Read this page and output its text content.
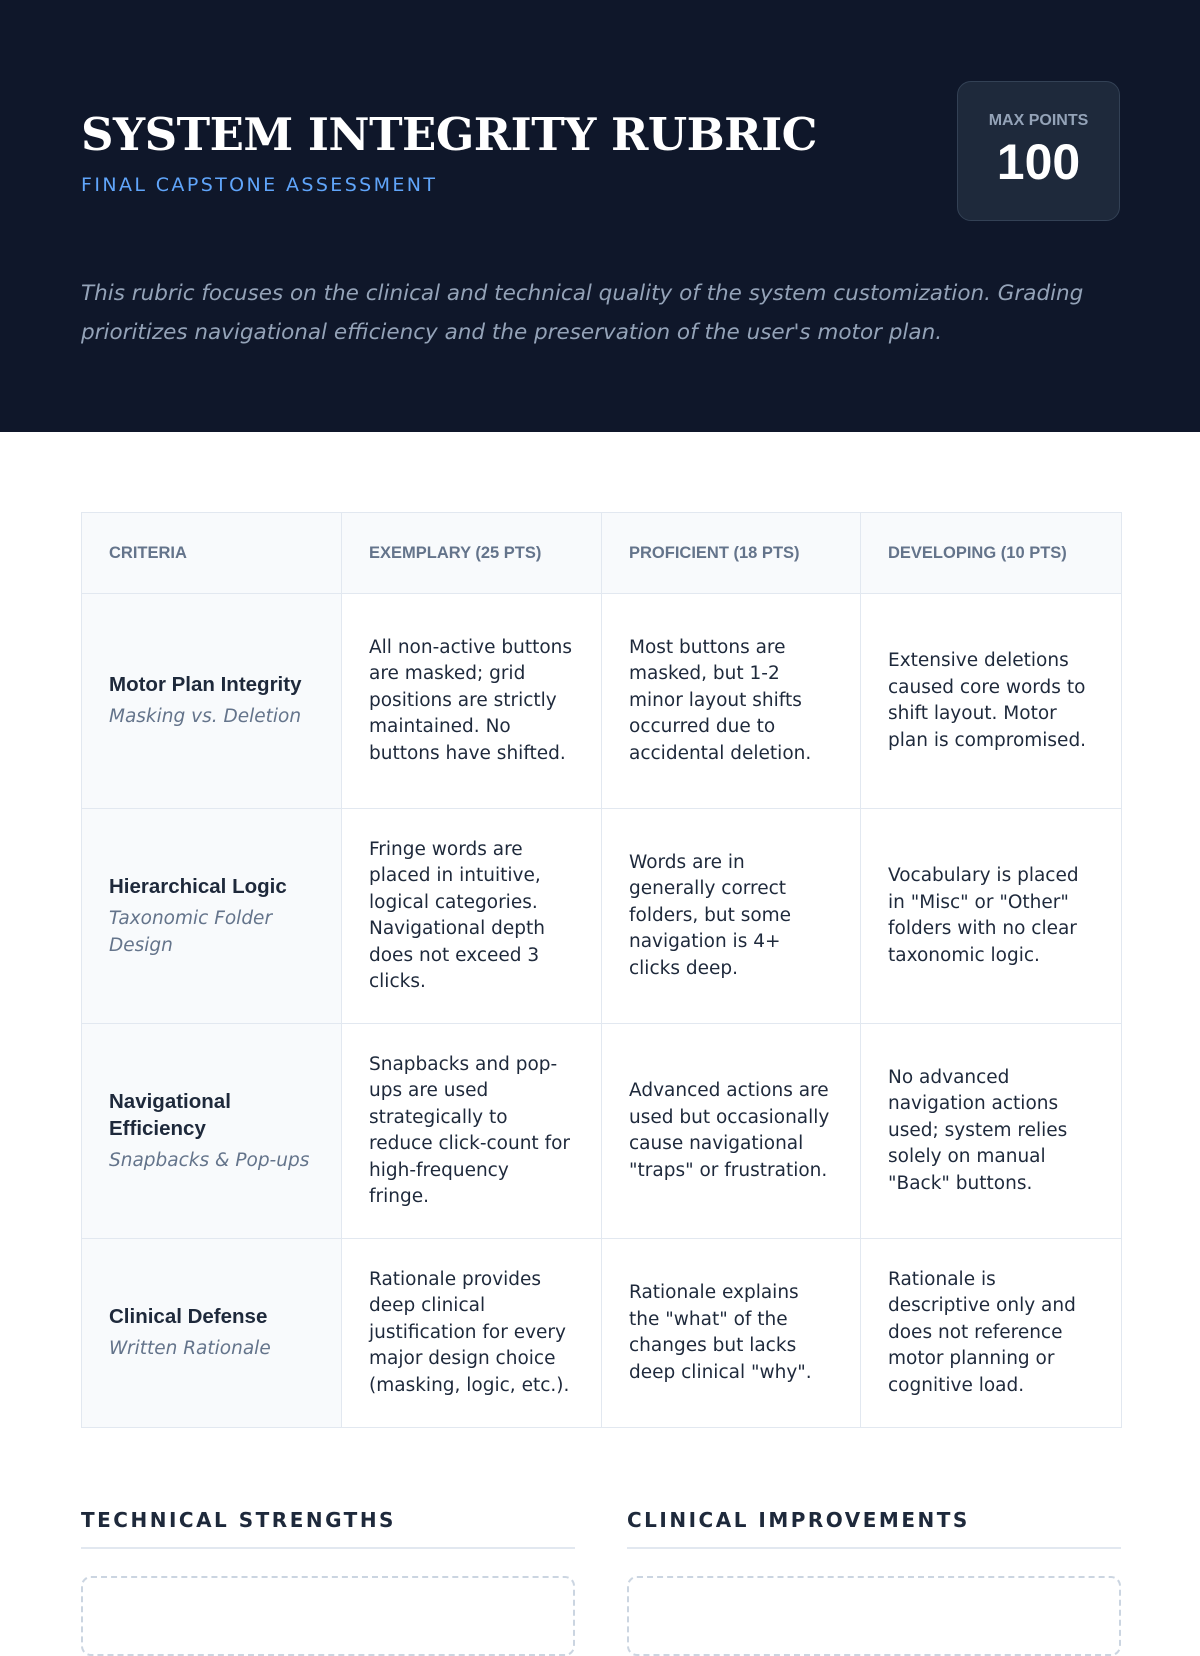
SYSTEM INTEGRITY RUBRIC
FINAL CAPSTONE ASSESSMENT
MAX POINTS
100

This rubric focuses on the clinical and technical quality of the system customization. Grading prioritizes navigational efficiency and the preservation of the user's motor plan.

CRITERIA	EXEMPLARY (25 PTS)	PROFICIENT (18 PTS)	DEVELOPING (10 PTS)

Motor Plan Integrity
Masking vs. Deletion	All non-active buttons are masked; grid positions are strictly maintained. No buttons have shifted.	Most buttons are masked, but 1-2 minor layout shifts occurred due to accidental deletion.	Extensive deletions caused core words to shift layout. Motor plan is compromised.

Hierarchical Logic
Taxonomic Folder Design	Fringe words are placed in intuitive, logical categories. Navigational depth does not exceed 3 clicks.	Words are in generally correct folders, but some navigation is 4+ clicks deep.	Vocabulary is placed in "Misc" or "Other" folders with no clear taxonomic logic.

Navigational Efficiency
Snapbacks & Pop-ups	Snapbacks and pop-ups are used strategically to reduce click-count for high-frequency fringe.	Advanced actions are used but occasionally cause navigational "traps" or frustration.	No advanced navigation actions used; system relies solely on manual "Back" buttons.

Clinical Defense
Written Rationale	Rationale provides deep clinical justification for every major design choice (masking, logic, etc.).	Rationale explains the "what" of the changes but lacks deep clinical "why".	Rationale is descriptive only and does not reference motor planning or cognitive load.
TECHNICAL STRENGTHS	CLINICAL IMPROVEMENTS
